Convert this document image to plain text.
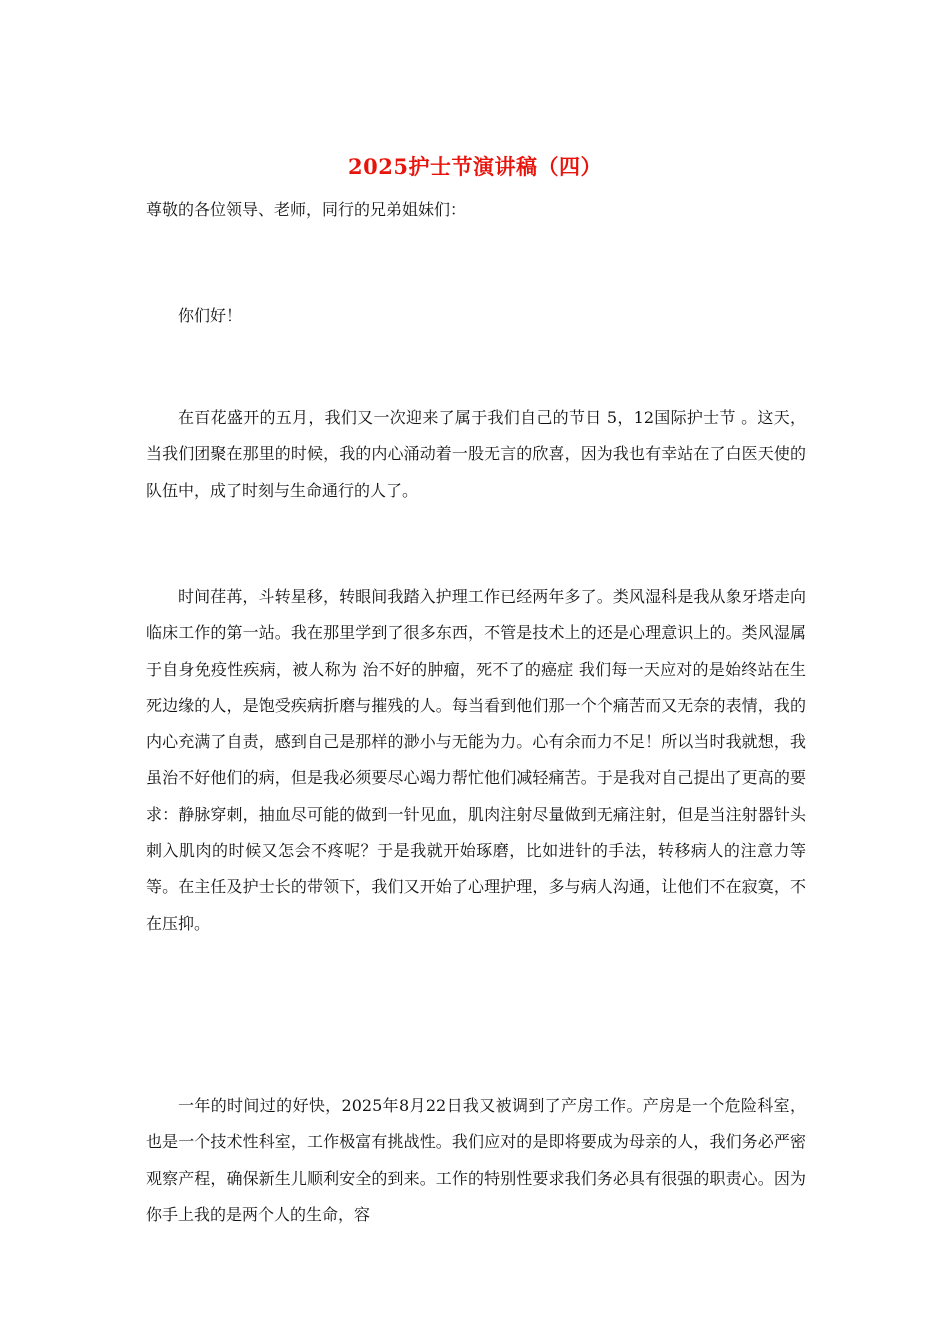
2025护士节演讲稿（四）
尊敬的各位领导、老师，同行的兄弟姐妹们：
你们好！
在百花盛开的五月，我们又一次迎来了属于我们自己的节日 5，12国际护士节 。这天，当我们团聚在那里的时候，我的内心涌动着一股无言的欣喜，因为我也有幸站在了白医天使的队伍中，成了时刻与生命通行的人了。
时间荏苒，斗转星移，转眼间我踏入护理工作已经两年多了。类风湿科是我从象牙塔走向临床工作的第一站。我在那里学到了很多东西，不管是技术上的还是心理意识上的。类风湿属于自身免疫性疾病，被人称为 治不好的肿瘤，死不了的癌症 我们每一天应对的是始终站在生死边缘的人，是饱受疾病折磨与摧残的人。每当看到他们那一个个痛苦而又无奈的表情，我的内心充满了自责，感到自己是那样的渺小与无能为力。心有余而力不足！所以当时我就想，我虽治不好他们的病，但是我必须要尽心竭力帮忙他们减轻痛苦。于是我对自己提出了更高的要求：静脉穿刺，抽血尽可能的做到一针见血，肌肉注射尽量做到无痛注射，但是当注射器针头刺入肌肉的时候又怎会不疼呢？于是我就开始琢磨，比如进针的手法，转移病人的注意力等等。在主任及护士长的带领下，我们又开始了心理护理，多与病人沟通，让他们不在寂寞，不在压抑。
一年的时间过的好快，2025年8月22日我又被调到了产房工作。产房是一个危险科室，也是一个技术性科室，工作极富有挑战性。我们应对的是即将要成为母亲的人，我们务必严密观察产程，确保新生儿顺利安全的到来。工作的特别性要求我们务必具有很强的职责心。因为你手上我的是两个人的生命，容
